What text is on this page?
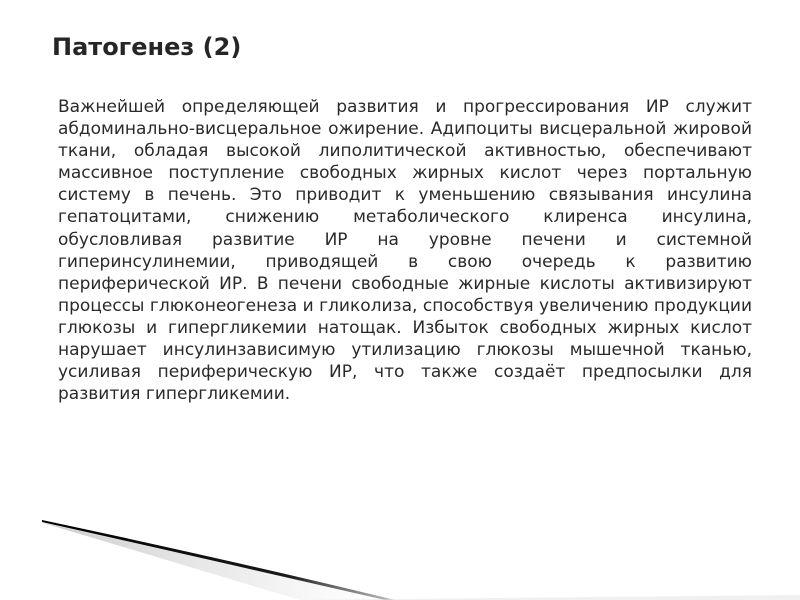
Патогенез (2)

Важнейшей определяющей развития и прогрессирования ИР служит абдоминально-висцеральное ожирение. Адипоциты висцеральной жировой ткани, обладая высокой липолитической активностью, обеспечивают массивное поступление свободных жирных кислот через портальную систему в печень. Это приводит к уменьшению связывания инсулина гепатоцитами, снижению метаболического клиренса инсулина, обусловливая развитие ИР на уровне печени и системной гиперинсулинемии, приводящей в свою очередь к развитию периферической ИР. В печени свободные жирные кислоты активизируют процессы глюконеогенеза и гликолиза, способствуя увеличению продукции глюкозы и гипергликемии натощак. Избыток свободных жирных кислот нарушает инсулинзависимую утилизацию глюкозы мышечной тканью, усиливая периферическую ИР, что также создаёт предпосылки для развития гипергликемии.
